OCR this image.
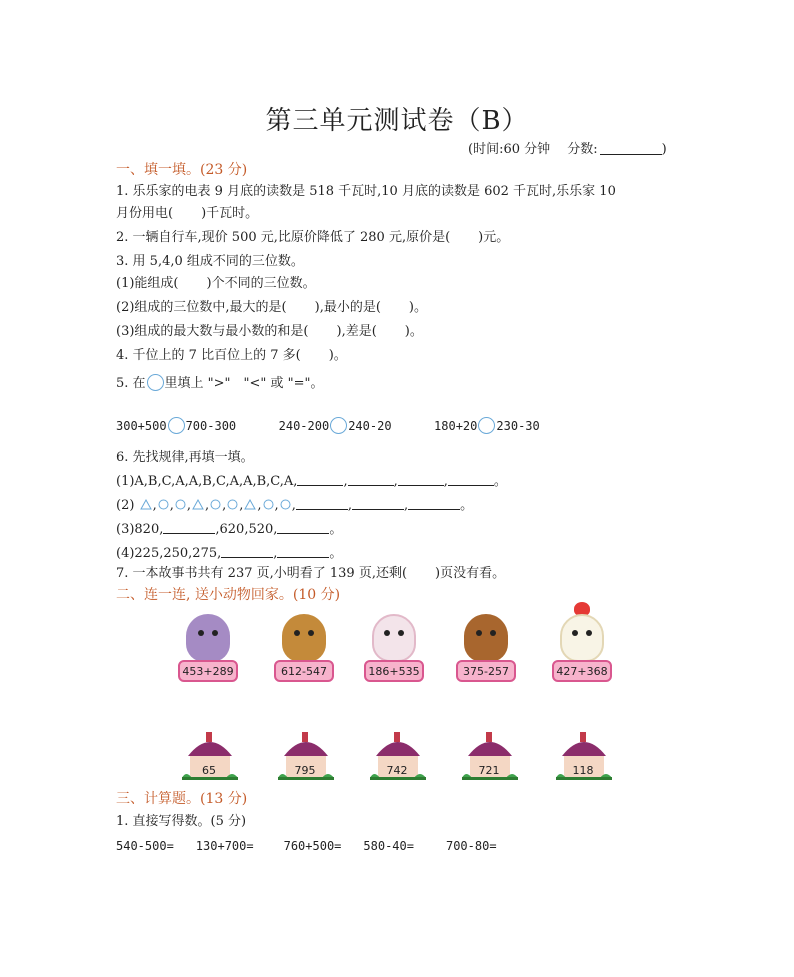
第三单元测试卷（B）
(时间:60 分钟　 分数:	)
一、填一填。(23 分)
1. 乐乐家的电表 9 月底的读数是 518 千瓦时,10 月底的读数是 602 千瓦时,乐乐家 10
月份用电( )千瓦时。
2. 一辆自行车,现价 500 元,比原价降低了 280 元,原价是( )元。
3. 用 5,4,0 组成不同的三位数。
(1)能组成( )个不同的三位数。
(2)组成的三位数中,最大的是( ),最小的是( )。
(3)组成的最大数与最小数的和是( ),差是( )。
4. 千位上的 7 比百位上的 7 多( )。
5. 在 里填上 ">"　"<" 或 "="。
300+500 700-300	240-200 240-20	180+20 230-30
6. 先找规律,再填一填。
(1)A,B,C,A,A,B,C,A,A,B,C,A,	,	,	,	。
(2) , , , , , , , , ,	,	,	。
(3)820,	,620,520,	。
(4)225,250,275,	,	。
7. 一本故事书共有 237 页,小明看了 139 页,还剩( )页没有看。
二、连一连, 送小动物回家。(10 分)
453+289	612-547	186+535	375-257	427+368
65	795	742	721	118
三、计算题。(13 分)
1. 直接写得数。(5 分)
540-500= 130+700=	760+500= 580-40=	700-80=
